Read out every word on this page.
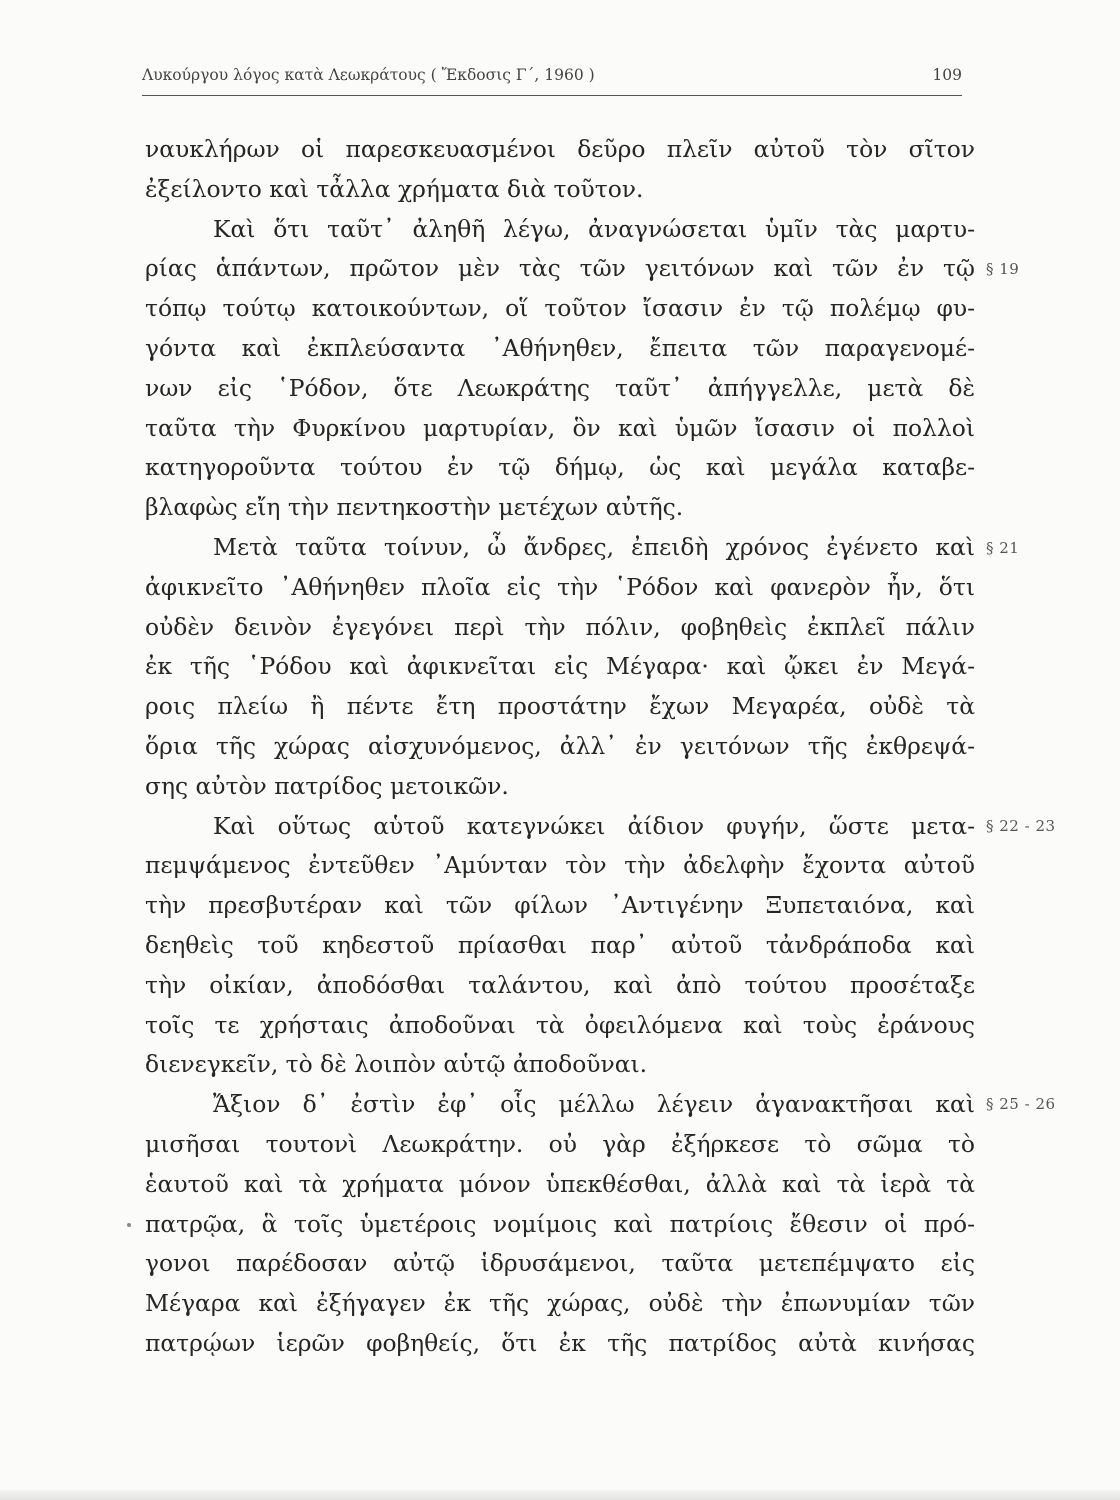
Λυκούργου λόγος κατὰ Λεωκράτους ( Ἔκδοσις Γ΄, 1960 )	109
ναυκλήρων οἱ παρεσκευασμένοι δεῦρο πλεῖν αὐτοῦ τὸν σῖτον
ἐξείλοντο καὶ τἆλλα χρήματα διὰ τοῦτον.
Καὶ ὅτι ταῦτ᾽ ἀληθῆ λέγω, ἀναγνώσεται ὑμῖν τὰς μαρτυ-
ρίας ἁπάντων, πρῶτον μὲν τὰς τῶν γειτόνων καὶ τῶν ἐν τῷ
τόπῳ τούτῳ κατοικούντων, οἵ τοῦτον ἴσασιν ἐν τῷ πολέμῳ φυ-
γόντα καὶ ἐκπλεύσαντα ᾿Αθήνηθεν, ἔπειτα τῶν παραγενομέ-
νων εἰς ῾Ρόδον, ὅτε Λεωκράτης ταῦτ᾽ ἀπήγγελλε, μετὰ δὲ
ταῦτα τὴν Φυρκίνου μαρτυρίαν, ὃν καὶ ὑμῶν ἴσασιν οἱ πολλοὶ
κατηγοροῦντα τούτου ἐν τῷ δήμῳ, ὡς καὶ μεγάλα καταβε-
βλαφὼς εἴη τὴν πεντηκοστὴν μετέχων αὐτῆς.
Μετὰ ταῦτα τοίνυν, ὦ ἄνδρες, ἐπειδὴ χρόνος ἐγένετο καὶ
ἀφικνεῖτο ᾿Αθήνηθεν πλοῖα εἰς τὴν ῾Ρόδον καὶ φανερὸν ἦν, ὅτι
οὐδὲν δεινὸν ἐγεγόνει περὶ τὴν πόλιν, φοβηθεὶς ἐκπλεῖ πάλιν
ἐκ τῆς ῾Ρόδου καὶ ἀφικνεῖται εἰς Μέγαρα· καὶ ᾤκει ἐν Μεγά-
ροις πλείω ἢ πέντε ἔτη προστάτην ἔχων Μεγαρέα, οὐδὲ τὰ
ὅρια τῆς χώρας αἰσχυνόμενος, ἀλλ᾽ ἐν γειτόνων τῆς ἐκθρεψά-
σης αὐτὸν πατρίδος μετοικῶν.
Καὶ οὕτως αὑτοῦ κατεγνώκει ἀίδιον φυγήν, ὥστε μετα-
πεμψάμενος ἐντεῦθεν ᾿Αμύνταν τὸν τὴν ἀδελφὴν ἔχοντα αὐτοῦ
τὴν πρεσβυτέραν καὶ τῶν φίλων ᾿Αντιγένην Ξυπεταιόνα, καὶ
δεηθεὶς τοῦ κηδεστοῦ πρίασθαι παρ᾽ αὐτοῦ τἀνδράποδα καὶ
τὴν οἰκίαν, ἀποδόσθαι ταλάντου, καὶ ἀπὸ τούτου προσέταξε
τοῖς τε χρήσταις ἀποδοῦναι τὰ ὀφειλόμενα καὶ τοὺς ἐράνους
διενεγκεῖν, τὸ δὲ λοιπὸν αὑτῷ ἀποδοῦναι.
Ἄξιον δ᾽ ἐστὶν ἐφ᾽ οἷς μέλλω λέγειν ἀγανακτῆσαι καὶ
μισῆσαι τουτονὶ Λεωκράτην. οὐ γὰρ ἐξήρκεσε τὸ σῶμα τὸ
ἑαυτοῦ καὶ τὰ χρήματα μόνον ὑπεκθέσθαι, ἀλλὰ καὶ τὰ ἱερὰ τὰ
πατρῷα, ἃ τοῖς ὑμετέροις νομίμοις καὶ πατρίοις ἔθεσιν οἱ πρό-
γονοι παρέδοσαν αὐτῷ ἱδρυσάμενοι, ταῦτα μετεπέμψατο εἰς
Μέγαρα καὶ ἐξήγαγεν ἐκ τῆς χώρας, οὐδὲ τὴν ἐπωνυμίαν τῶν
πατρῴων ἱερῶν φοβηθείς, ὅτι ἐκ τῆς πατρίδος αὐτὰ κινήσας
§ 19
§ 21
§ 22 - 23
§ 25 - 26
